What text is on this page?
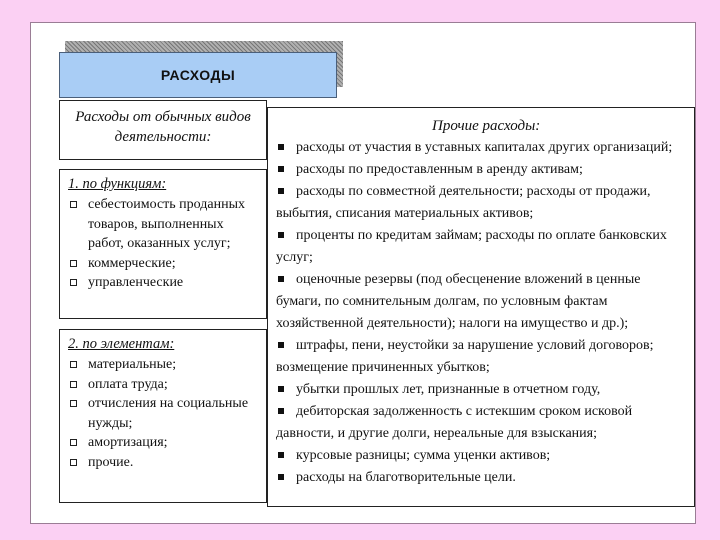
РАСХОДЫ
Расходы от обычных видов деятельности:
1. по функциям:
себестоимость проданных товаров, выполненных работ, оказанных услуг;
коммерческие;
управленческие
2. по элементам:
материальные;
оплата труда;
отчисления на социальные нужды;
амортизация;
прочие.
Прочие расходы:
расходы от участия в уставных капиталах других организаций;
расходы по предоставленным в аренду активам;
расходы по совместной деятельности; расходы от продажи, выбытия, списания материальных активов;
проценты по кредитам займам; расходы по оплате банковских услуг;
оценочные резервы (под обесценение вложений в ценные бумаги, по сомнительным долгам, по условным фактам хозяйственной деятельности); налоги на имущество и др.);
штрафы, пени, неустойки за нарушение условий договоров; возмещение причиненных убытков;
убытки прошлых лет, признанные в отчетном году,
дебиторская задолженность с истекшим сроком исковой давности, и другие долги, нереальные для взыскания;
курсовые разницы; сумма уценки активов;
расходы на благотворительные цели.
